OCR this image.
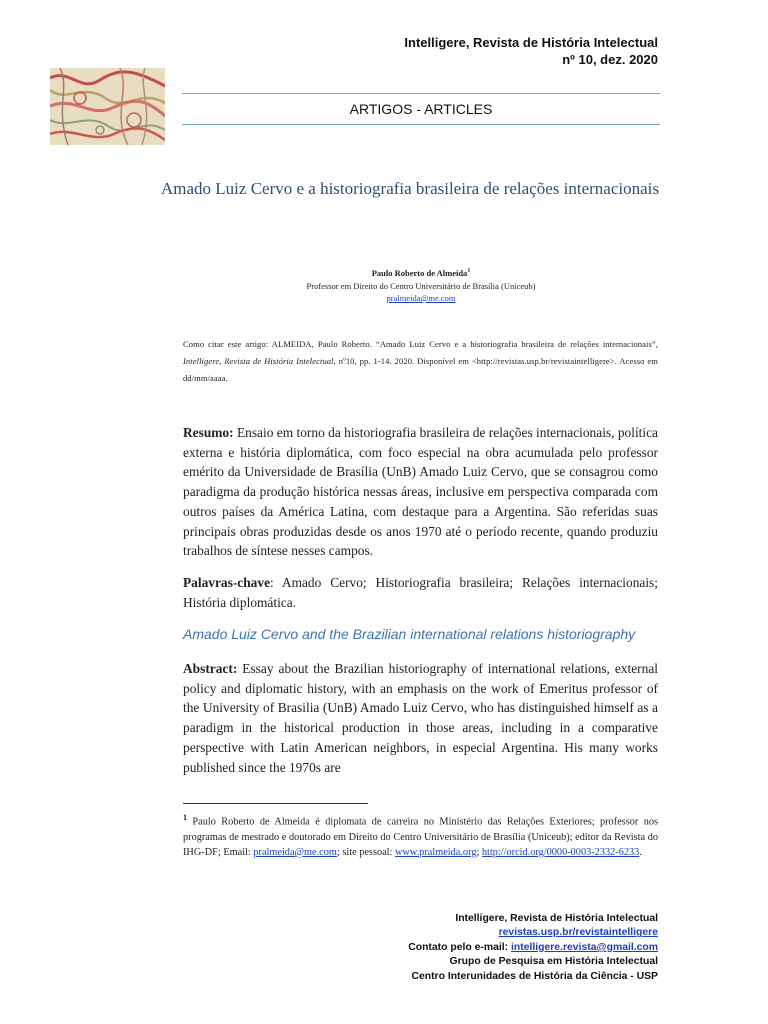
Intelligere, Revista de História Intelectual
nº 10, dez. 2020
ARTIGOS - ARTICLES
Amado Luiz Cervo e a historiografia brasileira de relações internacionais
Paulo Roberto de Almeida$^1$
Professor em Direito do Centro Universitário de Brasília (Uniceub)
pralmeida@me.com
Como citar este artigo: ALMEIDA, Paulo Roberto. “Amado Luiz Cervo e a historiografia brasileira de relações internacionais”, Intelligere, Revista de História Intelectual, nº10, pp. 1-14. 2020. Disponível em <http://revistas.usp.br/revistaintelligere>. Acesso em dd/mm/aaaa.
Resumo: Ensaio em torno da historiografia brasileira de relações internacionais, política externa e história diplomática, com foco especial na obra acumulada pelo professor emérito da Universidade de Brasília (UnB) Amado Luiz Cervo, que se consagrou como paradigma da produção histórica nessas áreas, inclusive em perspectiva comparada com outros países da América Latina, com destaque para a Argentina. São referidas suas principais obras produzidas desde os anos 1970 até o período recente, quando produziu trabalhos de síntese nesses campos.
Palavras-chave: Amado Cervo; Historiografia brasileira; Relações internacionais; História diplomática.
Amado Luiz Cervo and the Brazilian international relations historiography
Abstract: Essay about the Brazilian historiography of international relations, external policy and diplomatic history, with an emphasis on the work of Emeritus professor of the University of Brasilia (UnB) Amado Luiz Cervo, who has distinguished himself as a paradigm in the historical production in those areas, including in a comparative perspective with Latin American neighbors, in especial Argentina. His many works published since the 1970s are
$^1$ Paulo Roberto de Almeida é diplomata de carreira no Ministério das Relações Exteriores; professor nos programas de mestrado e doutorado em Direito do Centro Universitário de Brasília (Uniceub); editor da Revista do IHG-DF; Email: pralmeida@me.com; site pessoal: www.pralmeida.org; http://orcid.org/0000-0003-2332-6233.
Intelligere, Revista de História Intelectual
revistas.usp.br/revistaintelligere
Contato pelo e-mail: intelligere.revista@gmail.com
Grupo de Pesquisa em História Intelectual
Centro Interunidades de História da Ciência - USP
